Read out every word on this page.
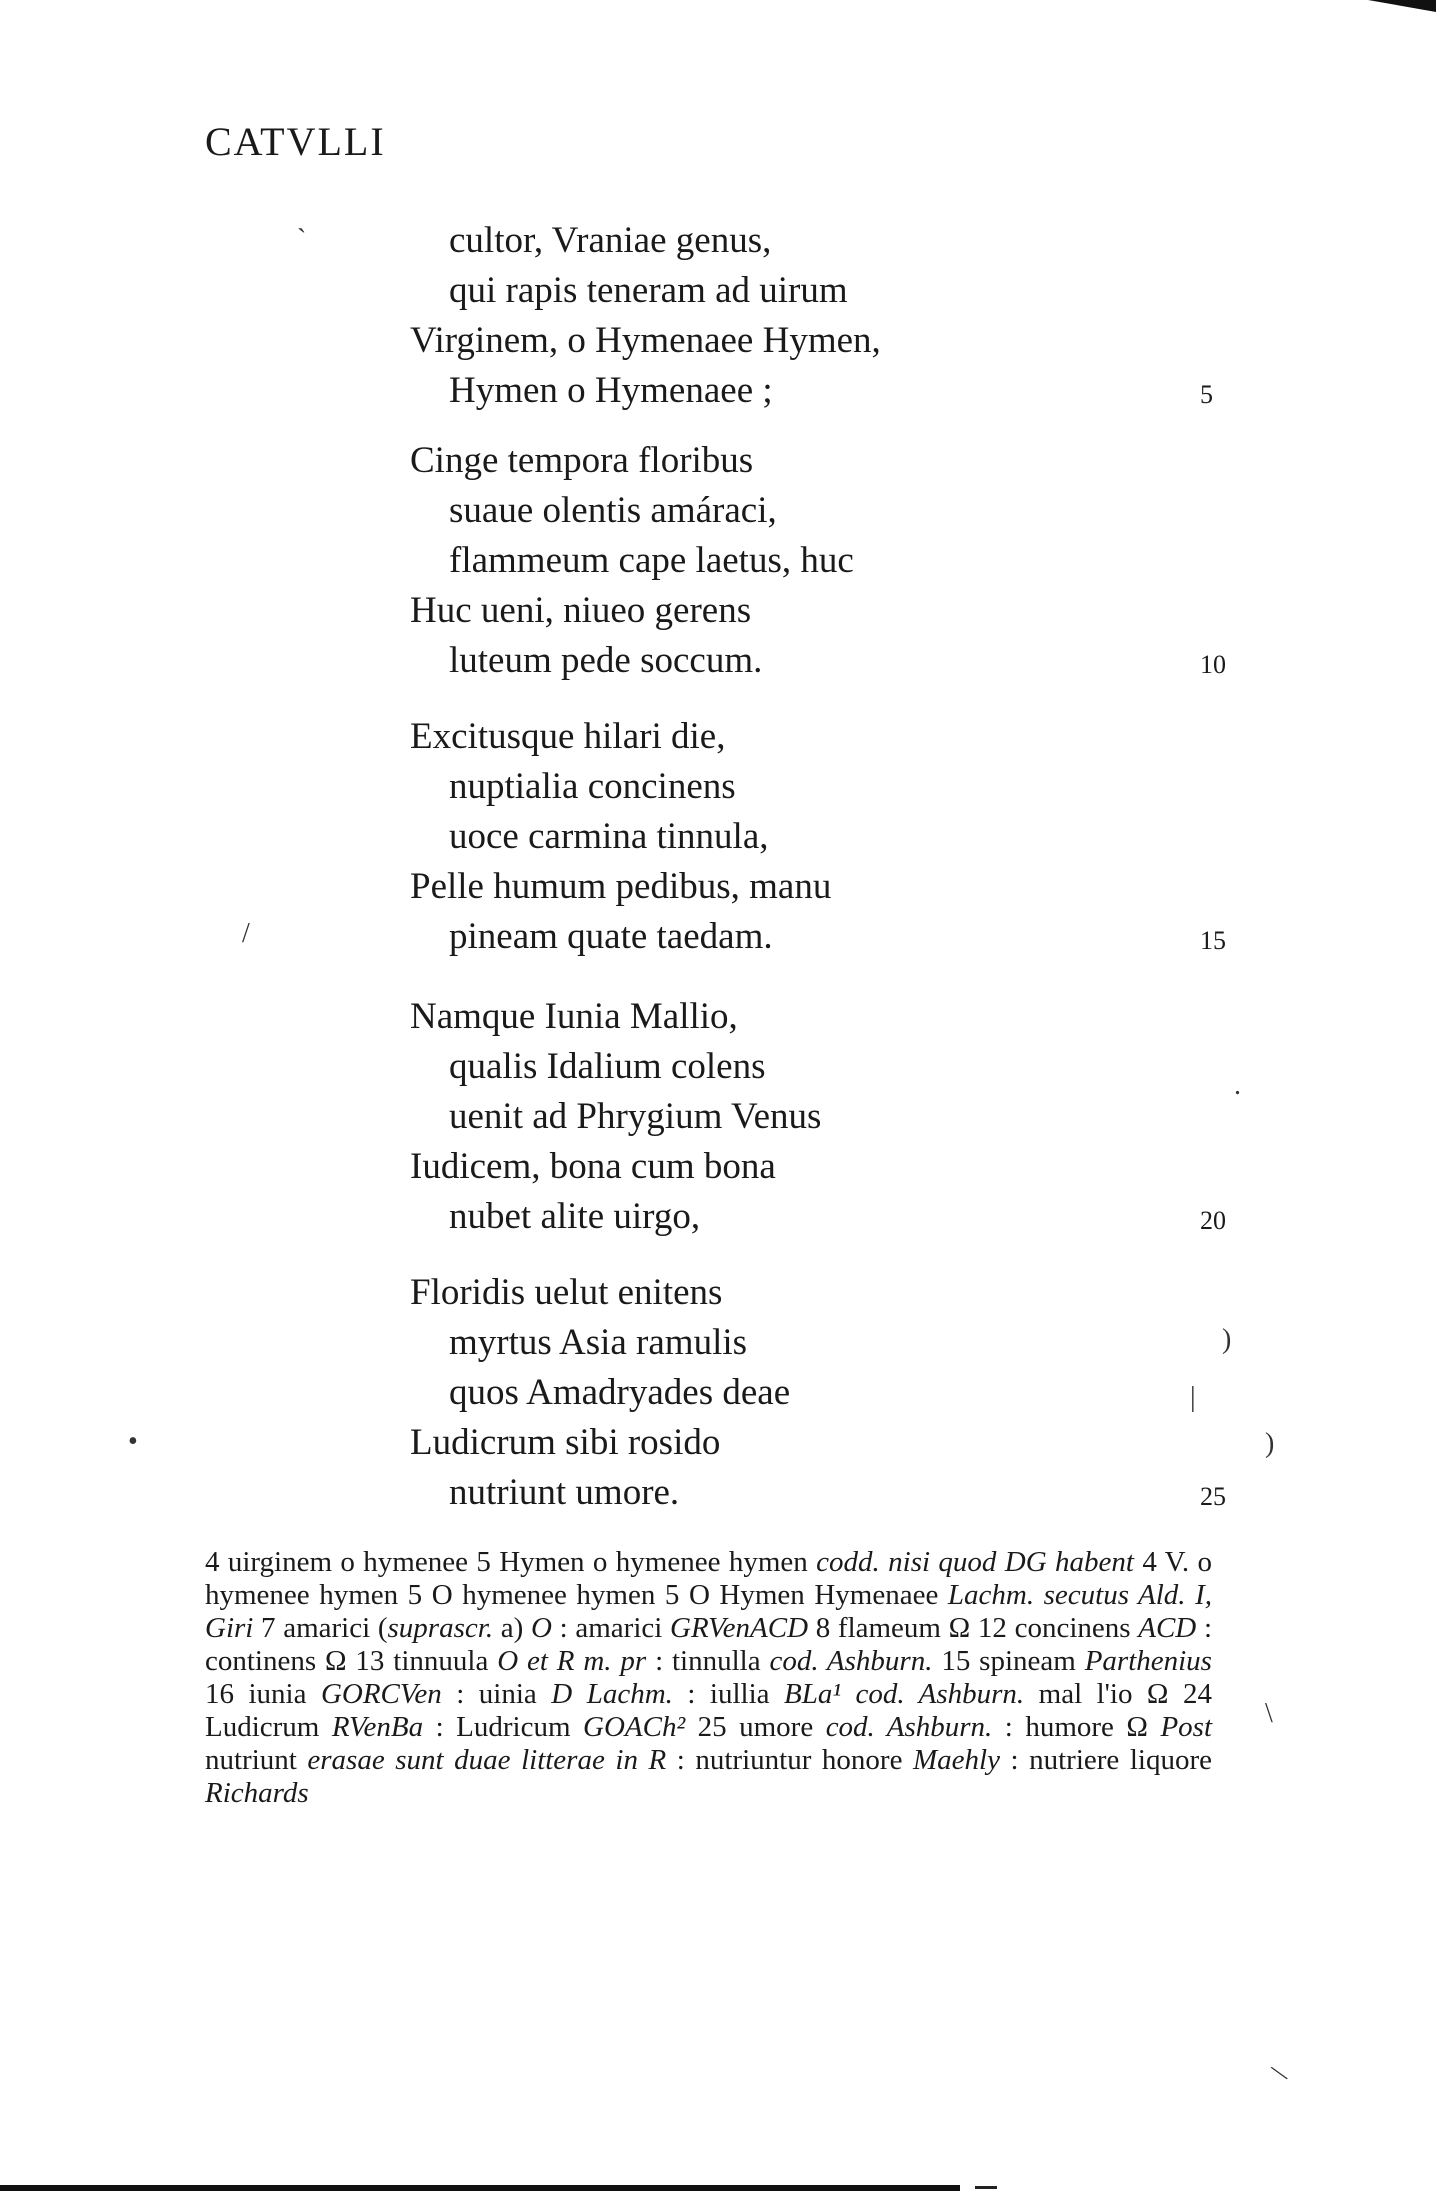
CATVLLI
cultor, Vraniae genus,
qui rapis teneram ad uirum
Virginem, o Hymenaee Hymen,
Hymen o Hymenaee ;	5
Cinge tempora floribus
suaue olentis amáraci,
flammeum cape laetus, huc
Huc ueni, niueo gerens
luteum pede soccum.	10
Excitusque hilari die,
nuptialia concinens
uoce carmina tinnula,
Pelle humum pedibus, manu
pineam quate taedam.	15
Namque Iunia Mallio,
qualis Idalium colens
uenit ad Phrygium Venus
Iudicem, bona cum bona
nubet alite uirgo,	20
Floridis uelut enitens
myrtus Asia ramulis
quos Amadryades deae
Ludicrum sibi rosido
nutriunt umore.	25
4 uirginem o hymenee 5 Hymen o hymenee hymen codd. nisi quod DG habent 4 V. o hymenee hymen 5 O hymenee hymen 5 O Hymen Hymenaee Lachm. secutus Ald. I, Giri 7 amarici (suprascr. a) O : amarici GRVenACD 8 flameum Ω 12 concinens ACD : continens Ω 13 tinnuula O et R m. pr : tinnulla cod. Ashburn. 15 spineam Parthenius 16 iunia GORCVen : uinia D Lachm. : iullia BLa¹ cod. Ashburn. mal l'io Ω 24 Ludicrum RVenBa : Ludricum GOACh² 25 umore cod. Ashburn. : humore Ω Post nutriunt erasae sunt duae litterae in R : nutriuntur honore Maehly : nutriere liquore Richards
ˋ
/
.
)
|
•	)
\
\
